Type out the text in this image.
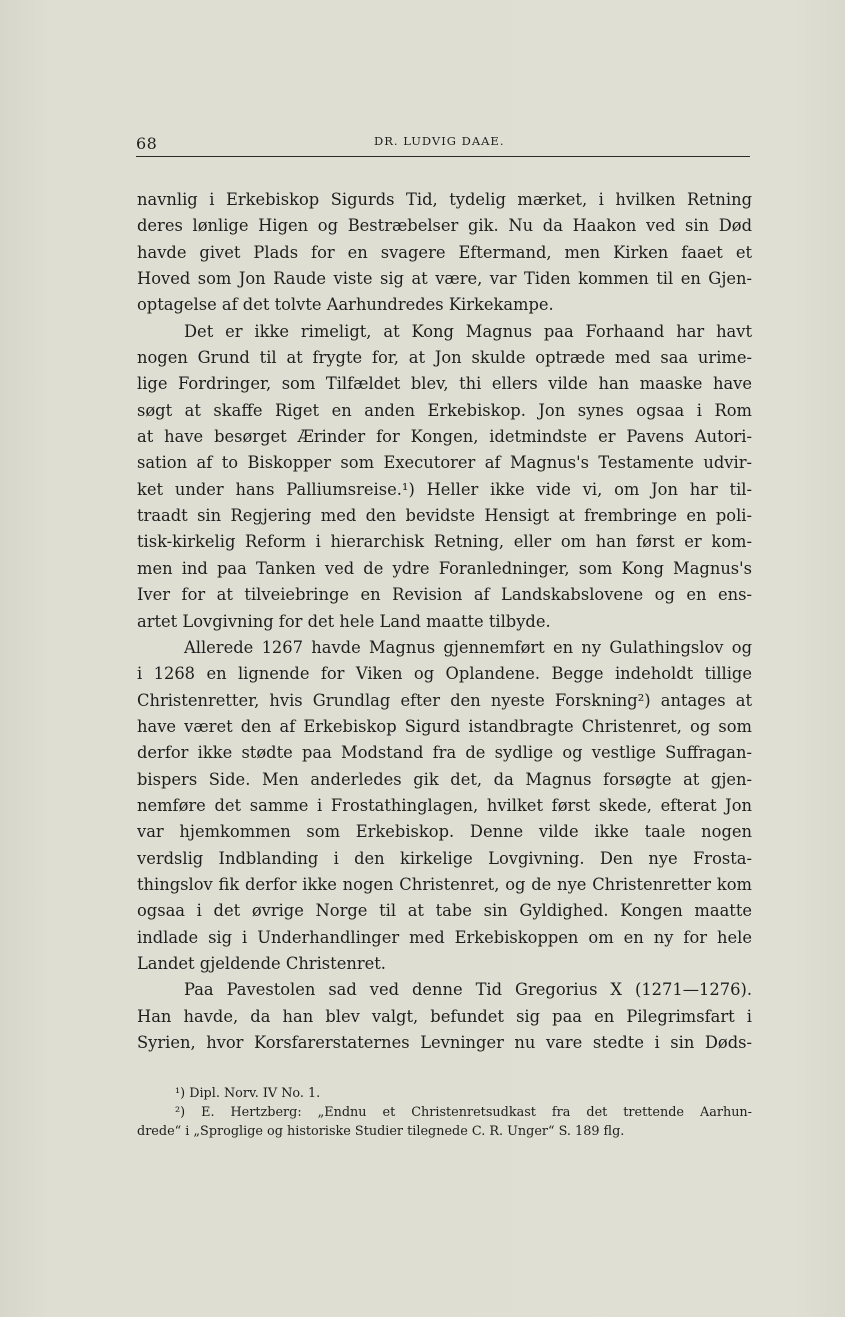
68	DR. LUDVIG DAAE.
navnlig i Erkebiskop Sigurds Tid, tydelig mærket, i hvilken Retning
deres lønlige Higen og Bestræbelser gik. Nu da Haakon ved sin Død
havde givet Plads for en svagere Eftermand, men Kirken faaet et
Hoved som Jon Raude viste sig at være, var Tiden kommen til en Gjen-
optagelse af det tolvte Aarhundredes Kirkekampe.
Det er ikke rimeligt, at Kong Magnus paa Forhaand har havt
nogen Grund til at frygte for, at Jon skulde optræde med saa urime-
lige Fordringer, som Tilfældet blev, thi ellers vilde han maaske have
søgt at skaffe Riget en anden Erkebiskop. Jon synes ogsaa i Rom
at have besørget Ærinder for Kongen, idetmindste er Pavens Autori-
sation af to Biskopper som Executorer af Magnus's Testamente udvir-
ket under hans Palliumsreise.¹) Heller ikke vide vi, om Jon har til-
traadt sin Regjering med den bevidste Hensigt at frembringe en poli-
tisk-kirkelig Reform i hierarchisk Retning, eller om han først er kom-
men ind paa Tanken ved de ydre Foranledninger, som Kong Magnus's
Iver for at tilveiebringe en Revision af Landskabslovene og en ens-
artet Lovgivning for det hele Land maatte tilbyde.
Allerede 1267 havde Magnus gjennemført en ny Gulathingslov og
i 1268 en lignende for Viken og Oplandene. Begge indeholdt tillige
Christenretter, hvis Grundlag efter den nyeste Forskning²) antages at
have været den af Erkebiskop Sigurd istandbragte Christenret, og som
derfor ikke stødte paa Modstand fra de sydlige og vestlige Suffragan-
bispers Side. Men anderledes gik det, da Magnus forsøgte at gjen-
nemføre det samme i Frostathinglagen, hvilket først skede, efterat Jon
var hjemkommen som Erkebiskop. Denne vilde ikke taale nogen
verdslig Indblanding i den kirkelige Lovgivning. Den nye Frosta-
thingslov fik derfor ikke nogen Christenret, og de nye Christenretter kom
ogsaa i det øvrige Norge til at tabe sin Gyldighed. Kongen maatte
indlade sig i Underhandlinger med Erkebiskoppen om en ny for hele
Landet gjeldende Christenret.
Paa Pavestolen sad ved denne Tid Gregorius X (1271—1276).
Han havde, da han blev valgt, befundet sig paa en Pilegrimsfart i
Syrien, hvor Korsfarerstaternes Levninger nu vare stedte i sin Døds-
¹) Dipl. Norv. IV No. 1.
²) E. Hertzberg: „Endnu et Christenretsudkast fra det trettende Aarhun-
drede“ i „Sproglige og historiske Studier tilegnede C. R. Unger“ S. 189 flg.
